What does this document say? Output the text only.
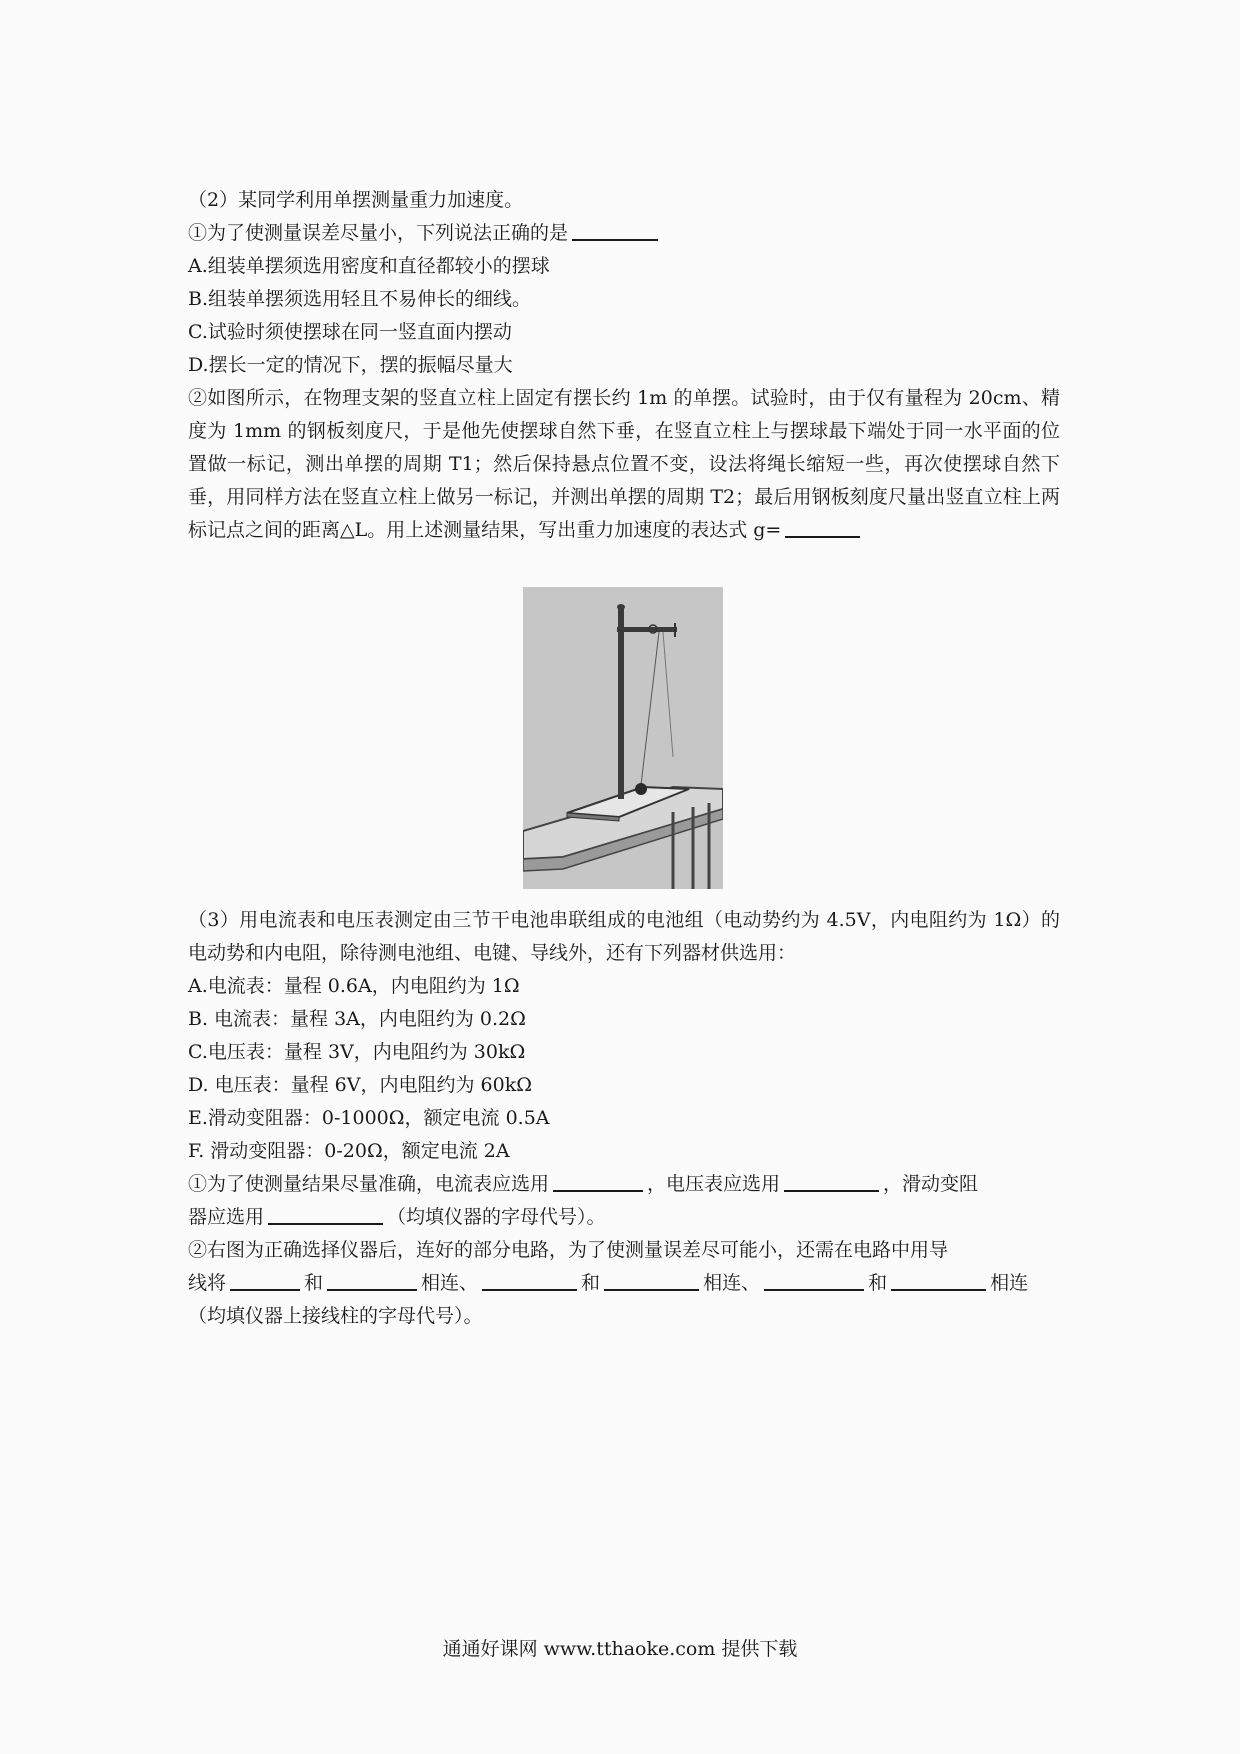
（2）某同学利用单摆测量重力加速度。
①为了使测量误差尽量小，下列说法正确的是
A.组装单摆须选用密度和直径都较小的摆球
B.组装单摆须选用轻且不易伸长的细线。
C.试验时须使摆球在同一竖直面内摆动
D.摆长一定的情况下，摆的振幅尽量大
②如图所示，在物理支架的竖直立柱上固定有摆长约 1m 的单摆。试验时，由于仅有量程为 20cm、精度为 1mm 的钢板刻度尺，于是他先使摆球自然下垂，在竖直立柱上与摆球最下端处于同一水平面的位置做一标记，测出单摆的周期 T1；然后保持悬点位置不变，设法将绳长缩短一些，再次使摆球自然下垂，用同样方法在竖直立柱上做另一标记，并测出单摆的周期 T2；最后用钢板刻度尺量出竖直立柱上两标记点之间的距离△L。用上述测量结果，写出重力加速度的表达式 g=
（3）用电流表和电压表测定由三节干电池串联组成的电池组（电动势约为 4.5V，内电阻约为 1Ω）的电动势和内电阻，除待测电池组、电键、导线外，还有下列器材供选用：
A.电流表：量程 0.6A，内电阻约为 1Ω
B. 电流表：量程 3A，内电阻约为 0.2Ω
C.电压表：量程 3V，内电阻约为 30kΩ
D. 电压表：量程 6V，内电阻约为 60kΩ
E.滑动变阻器：0-1000Ω，额定电流 0.5A
F. 滑动变阻器：0-20Ω，额定电流 2A
①为了使测量结果尽量准确，电流表应选用	，电压表应选用	，滑动变阻
器应选用	（均填仪器的字母代号）。
②右图为正确选择仪器后，连好的部分电路，为了使测量误差尽可能小，还需在电路中用导
线将	和	相连、	和	相连、	和	相连
（均填仪器上接线柱的字母代号）。
通通好课网 www.tthaoke.com 提供下载
